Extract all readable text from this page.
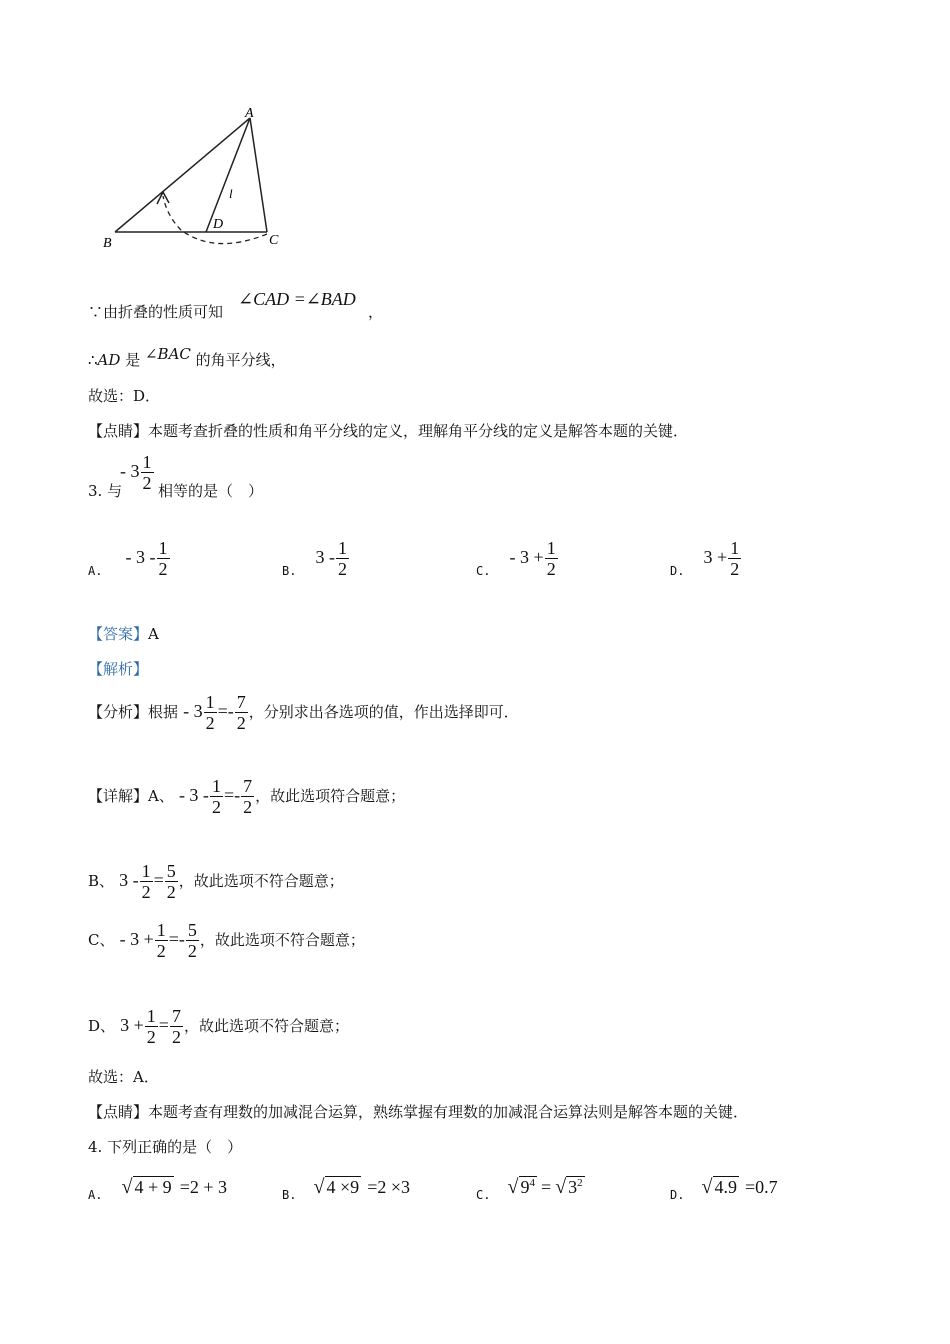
A
B	C
D
l
∵由折叠的性质可知
∠CAD =∠BAD
，
∴AD 是 ∠BAC 的角平分线，
故选：D．
【点睛】本题考查折叠的性质和角平分线的定义，理解角平分线的定义是解答本题的关键．
3. 与
- $3 \frac{1}{2}$ 相等的是（　）
$_{A.} - 3 - \frac{1}{2}$	$_{B.}$ $3 - \frac{1}{2}$	$_{C.} - 3 + \frac{1}{2}$	$_{D.}$ $3 + \frac{1}{2}$
【答案】A
【解析】
【分析】根据 - $3 \frac{1}{2} =- \frac{7}{2}$ ，分别求出各选项的值，作出选择即可．
【详解】A、 - $3 - \frac{1}{2} =- \frac{7}{2}$ ，故此选项符合题意；
B、 $3 - \frac{1}{2} = \frac{5}{2}$ ，故此选项不符合题意；
C、 - $3 + \frac{1}{2} =- \frac{5}{2}$ ，故此选项不符合题意；
D、 $3 + \frac{1}{2} = \frac{7}{2}$ ，故此选项不符合题意；
故选：A．
【点睛】本题考查有理数的加减混合运算，熟练掌握有理数的加减混合运算法则是解答本题的关键．
4. 下列正确的是（　）
$_{A.}$ √ 4 + 9 =2 + 3	$_{B.}$ √ 4 ×9 =2 ×3	$_{C.}$ √ $9^4$ = √ $3^2$
$_{D.}$ √ 4.9 =0.7
